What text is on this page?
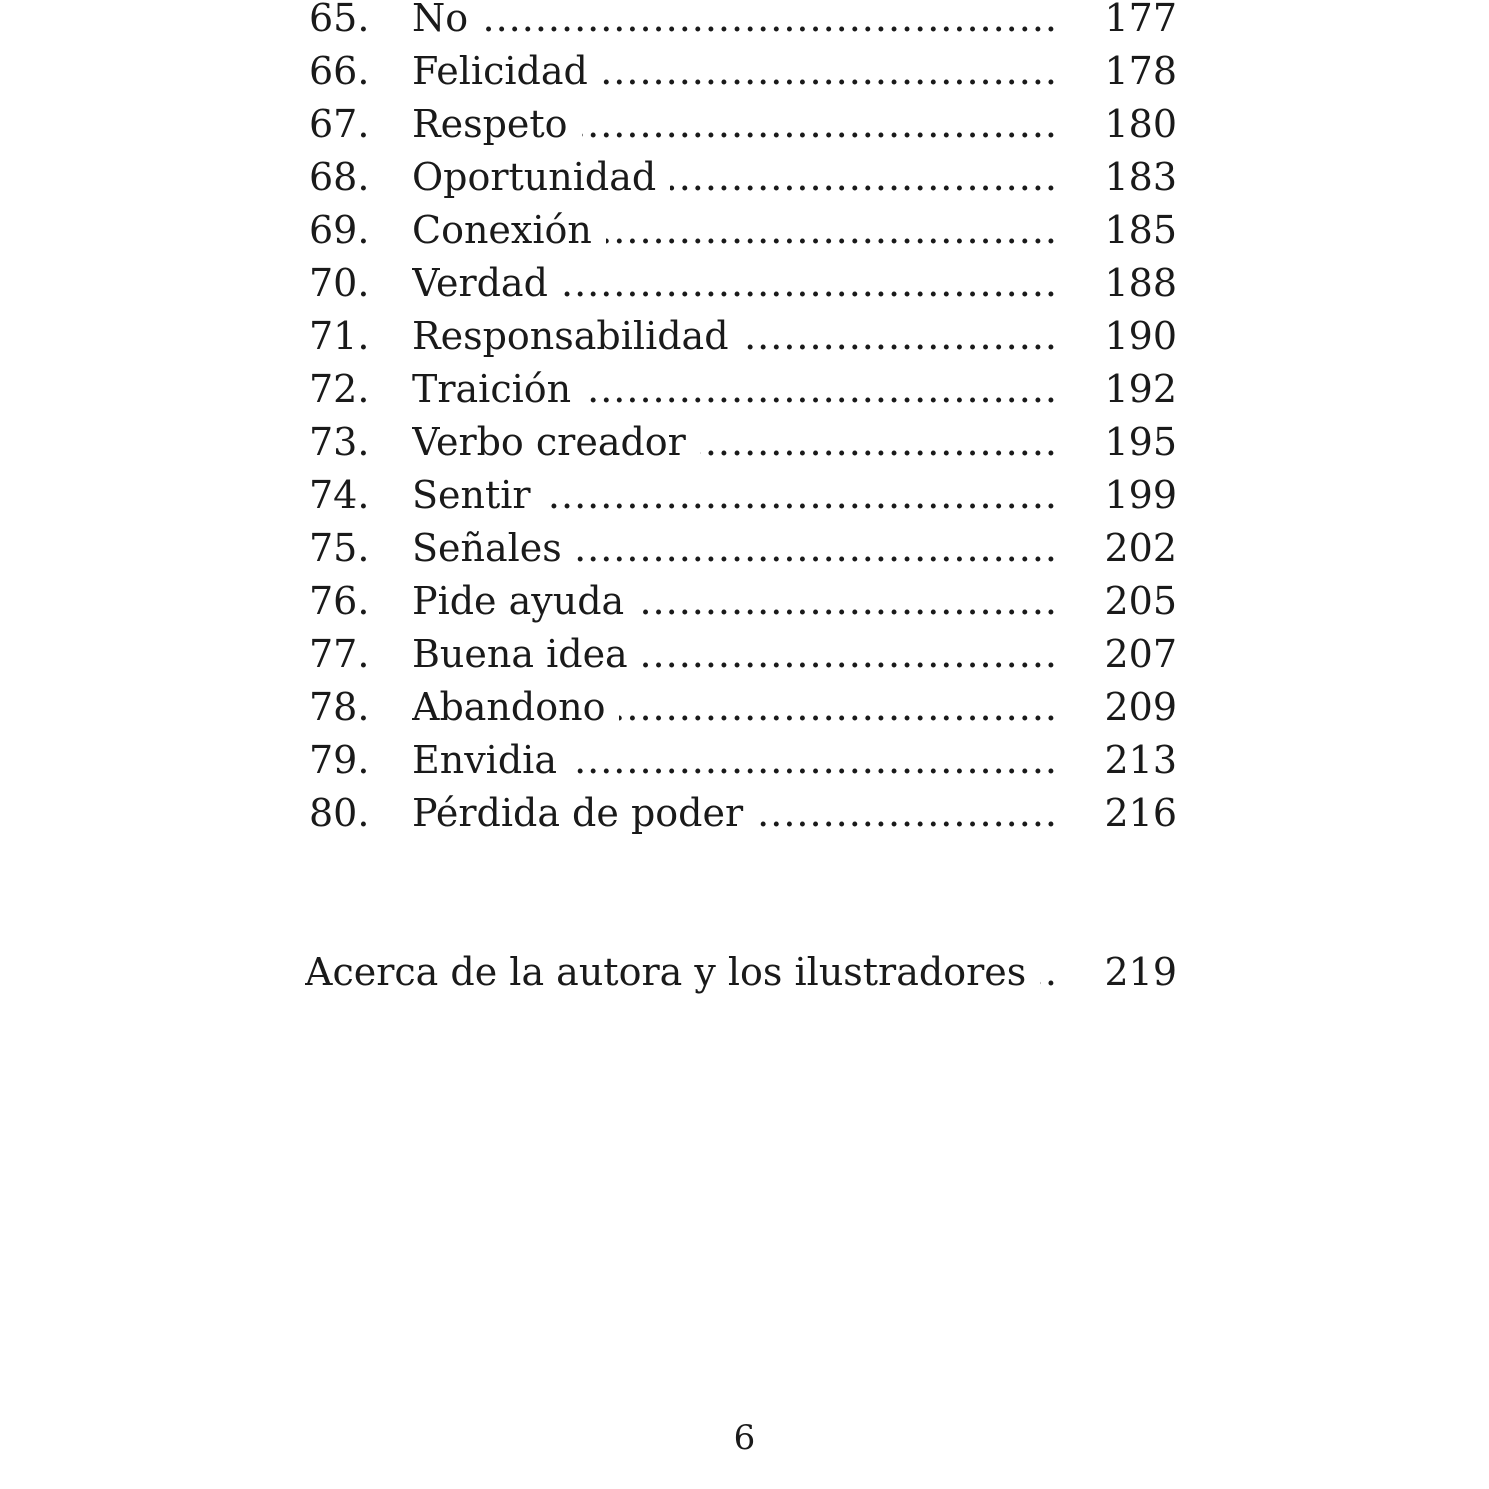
65. No .....	177
66. Felicidad .....	178
67. Respeto .....	180
68. Oportunidad .....	183
69. Conexión .....	185
70. Verdad .....	188
71. Responsabilidad .....	190
72. Traición .....	192
73. Verbo creador .....	195
74. Sentir .....	199
75. Señales .....	202
76. Pide ayuda .....	205
77. Buena idea .....	207
78. Abandono .....	209
79. Envidia .....	213
80. Pérdida de poder .....	216
Acerca de la autora y los ilustradores .....	219
6
